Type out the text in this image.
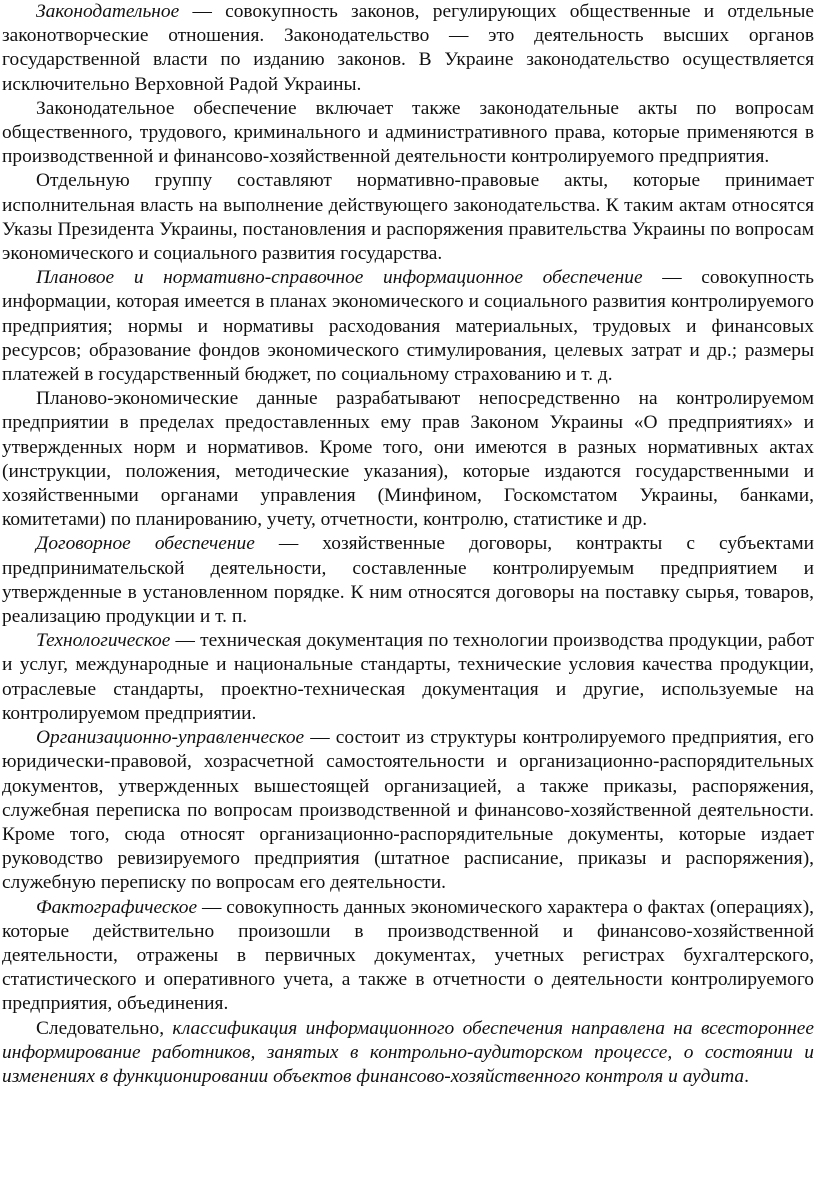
Законодательное — совокупность законов, регулирующих общественные и отдельные законотворческие отношения. Законодательство — это деятельность высших органов государственной власти по изданию законов. В Украине законодательство осуществляется исключительно Верховной Радой Украины.

Законодательное обеспечение включает также законодательные акты по вопросам общественного, трудового, криминального и административного права, которые применяются в производственной и финансово-хозяйственной деятельности контролируемого предприятия.

Отдельную группу составляют нормативно-правовые акты, которые принимает исполнительная власть на выполнение действующего законодательства. К таким актам относятся Указы Президента Украины, постановления и распоряжения правительства Украины по вопросам экономического и социального развития государства.

Плановое и нормативно-справочное информационное обеспечение — совокупность информации, которая имеется в планах экономического и социального развития контролируемого предприятия; нормы и нормативы расходования материальных, трудовых и финансовых ресурсов; образование фондов экономического стимулирования, целевых затрат и др.; размеры платежей в государственный бюджет, по социальному страхованию и т. д.

Планово-экономические данные разрабатывают непосредственно на контролируемом предприятии в пределах предоставленных ему прав Законом Украины «О предприятиях» и утвержденных норм и нормативов. Кроме того, они имеются в разных нормативных актах (инструкции, положения, методические указания), которые издаются государственными и хозяйственными органами управления (Минфином, Госкомстатом Украины, банками, комитетами) по планированию, учету, отчетности, контролю, статистике и др.

Договорное обеспечение — хозяйственные договоры, контракты с субъектами предпринимательской деятельности, составленные контролируемым предприятием и утвержденные в установленном порядке. К ним относятся договоры на поставку сырья, товаров, реализацию продукции и т. п.

Технологическое — техническая документация по технологии производства продукции, работ и услуг, международные и национальные стандарты, технические условия качества продукции, отраслевые стандарты, проектно-техническая документация и другие, используемые на контролируемом предприятии.

Организационно-управленческое — состоит из структуры контролируемого предприятия, его юридически-правовой, хозрасчетной самостоятельности и организационно-распорядительных документов, утвержденных вышестоящей организацией, а также приказы, распоряжения, служебная переписка по вопросам производственной и финансово-хозяйственной деятельности. Кроме того, сюда относят организационно-распорядительные документы, которые издает руководство ревизируемого предприятия (штатное расписание, приказы и распоряжения), служебную переписку по вопросам его деятельности.

Фактографическое — совокупность данных экономического характера о фактах (операциях), которые действительно произошли в производственной и финансово-хозяйственной деятельности, отражены в первичных документах, учетных регистрах бухгалтерского, статистического и оперативного учета, а также в отчетности о деятельности контролируемого предприятия, объединения.

Следовательно, классификация информационного обеспечения направлена на всестороннее информирование работников, занятых в контрольно-аудиторском процессе, о состоянии и изменениях в функционировании объектов финансово-хозяйственного контроля и аудита.
